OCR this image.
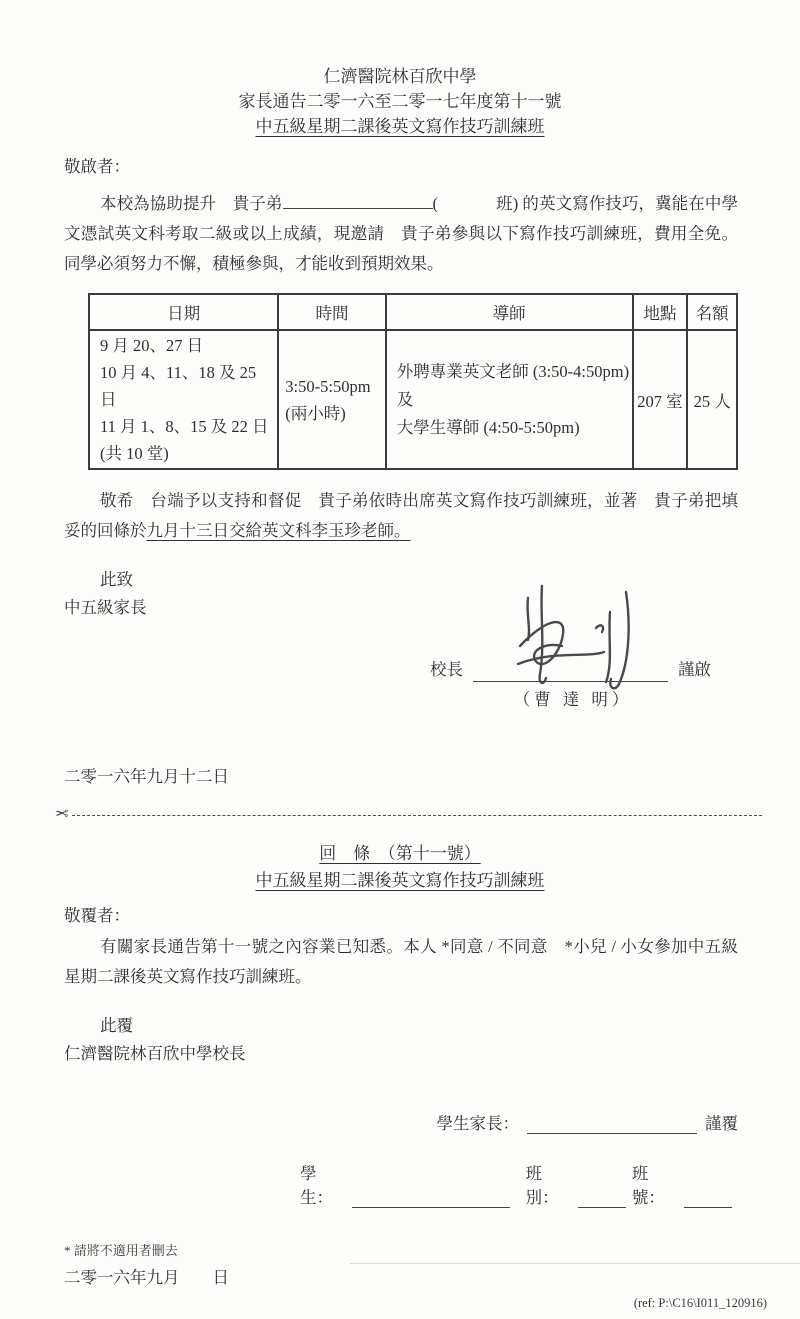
仁濟醫院林百欣中學
家長通告二零一六至二零一七年度第十一號
中五級星期二課後英文寫作技巧訓練班
敬啟者：
本校為協助提升　貴子弟	(	班) 的英文寫作技巧，冀能在中學文憑試英文科考取二級或以上成績，現邀請　貴子弟參與以下寫作技巧訓練班，費用全免。同學必須努力不懈，積極參與，才能收到預期效果。
日期	時間	導師	地點	名額

9 月 20、27 日
10 月 4、11、18 及 25 日
11 月 1、8、15 及 22 日
(共 10 堂)

3:50-5:50pm
(兩小時)

外聘專業英文老師 (3:50-4:50pm)
及
大學生導師 (4:50-5:50pm)
	207 室	25 人
敬希　台端予以支持和督促　貴子弟依時出席英文寫作技巧訓練班，並著　貴子弟把填妥的回條於九月十三日交給英文科李玉珍老師。
此致
中五級家長
二零一六年九月十二日
校長	謹啟
（曹 達 明）
✂
回　條　（第十一號）
中五級星期二課後英文寫作技巧訓練班
敬覆者：
有關家長通告第十一號之內容業已知悉。本人 *同意 / 不同意　*小兒 / 小女參加中五級星期二課後英文寫作技巧訓練班。
此覆
仁濟醫院林百欣中學校長
學生家長：	謹覆
學生：
班別：
班號：
* 請將不適用者刪去
二零一六年九月　　日
(ref: P:\C16\I011_120916)
